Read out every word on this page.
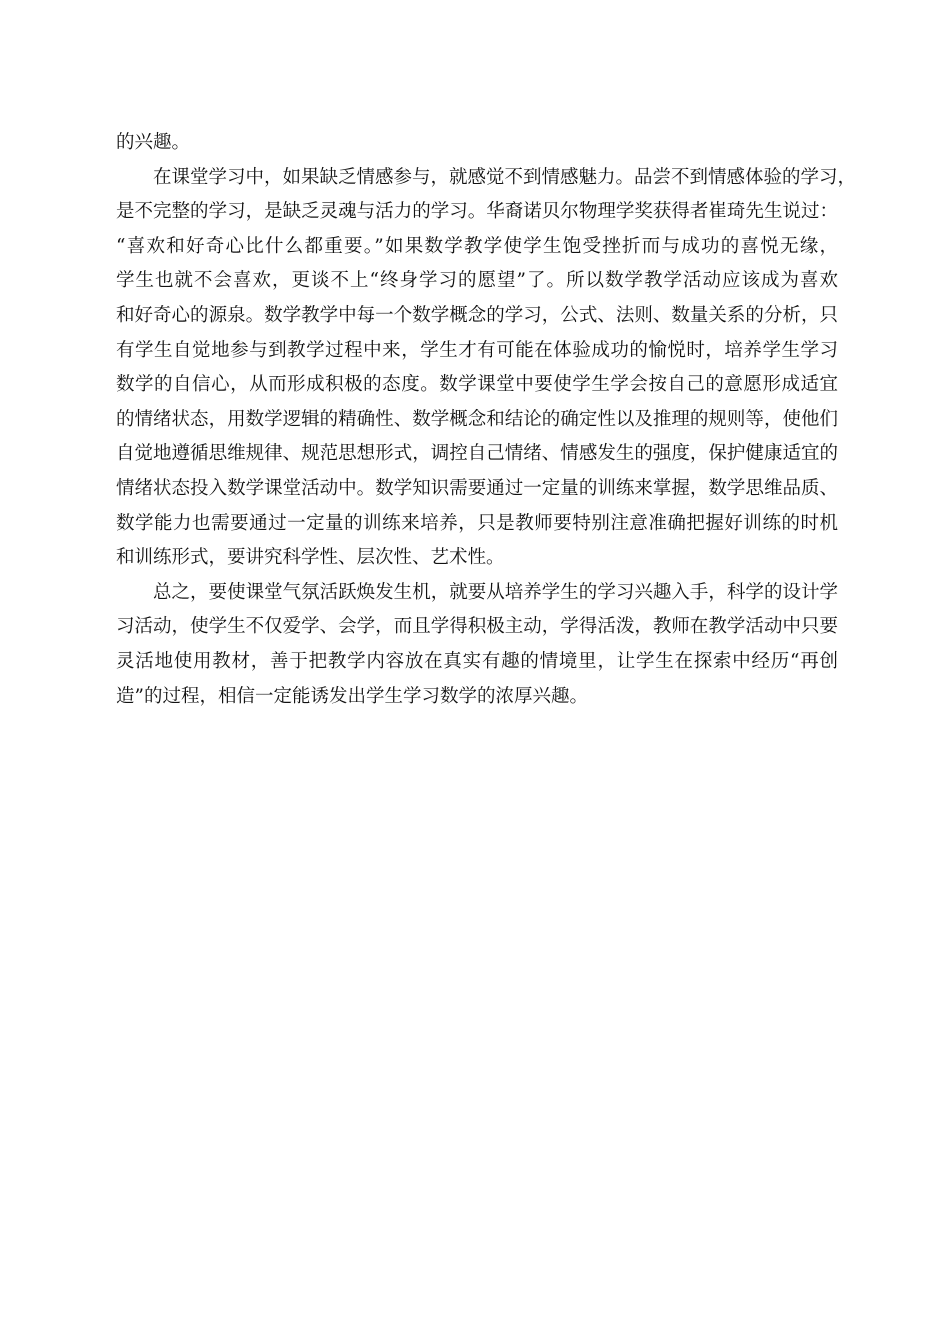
的兴趣。
在课堂学习中，如果缺乏情感参与，就感觉不到情感魅力。品尝不到情感体验的学习，
是不完整的学习，是缺乏灵魂与活力的学习。华裔诺贝尔物理学奖获得者崔琦先生说过：
“喜欢和好奇心比什么都重要。”如果数学教学使学生饱受挫折而与成功的喜悦无缘，
学生也就不会喜欢，更谈不上“终身学习的愿望”了。所以数学教学活动应该成为喜欢
和好奇心的源泉。数学教学中每一个数学概念的学习，公式、法则、数量关系的分析，只
有学生自觉地参与到教学过程中来，学生才有可能在体验成功的愉悦时，培养学生学习
数学的自信心，从而形成积极的态度。数学课堂中要使学生学会按自己的意愿形成适宜
的情绪状态，用数学逻辑的精确性、数学概念和结论的确定性以及推理的规则等，使他们
自觉地遵循思维规律、规范思想形式，调控自己情绪、情感发生的强度，保护健康适宜的
情绪状态投入数学课堂活动中。数学知识需要通过一定量的训练来掌握，数学思维品质、
数学能力也需要通过一定量的训练来培养，只是教师要特别注意准确把握好训练的时机
和训练形式，要讲究科学性、层次性、艺术性。
总之，要使课堂气氛活跃焕发生机，就要从培养学生的学习兴趣入手，科学的设计学
习活动，使学生不仅爱学、会学，而且学得积极主动，学得活泼，教师在教学活动中只要
灵活地使用教材，善于把教学内容放在真实有趣的情境里，让学生在探索中经历“再创
造”的过程，相信一定能诱发出学生学习数学的浓厚兴趣。
